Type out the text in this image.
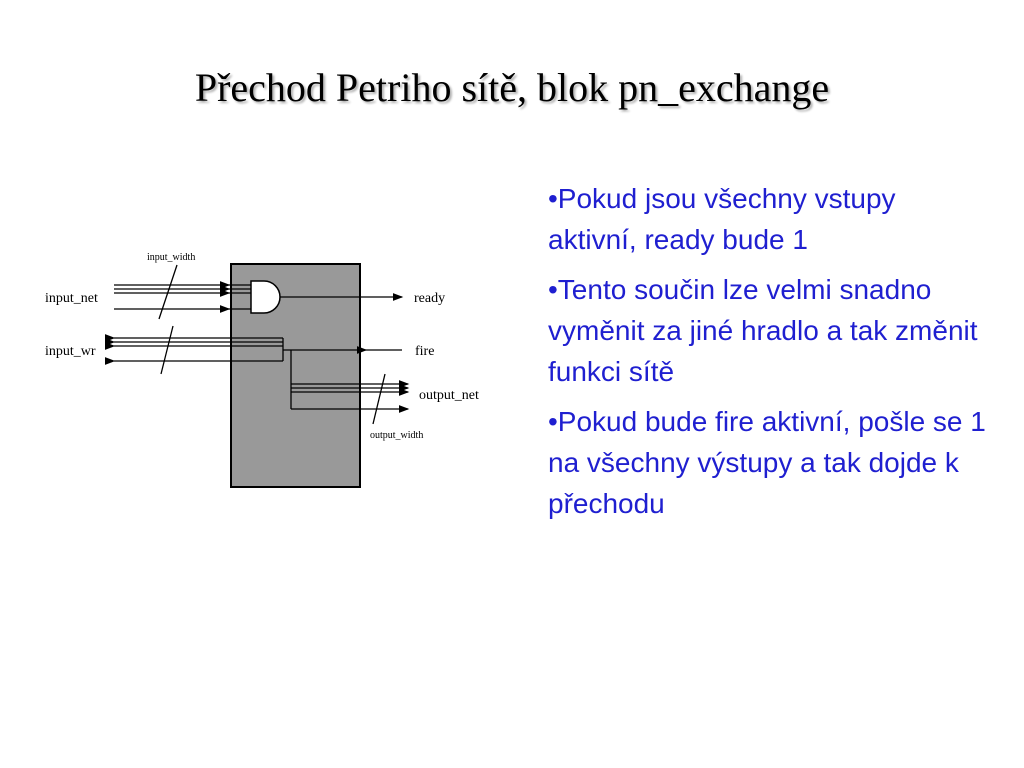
Přechod Petriho sítě, blok pn_exchange
input_width
input_net
input_wr
ready
fire
output_net
output_width
•Pokud jsou všechny vstupy aktivní, ready bude 1
•Tento součin lze velmi snadno vyměnit za jiné hradlo a tak změnit funkci sítě
•Pokud bude fire aktivní, pošle se 1 na všechny výstupy a tak dojde k přechodu
